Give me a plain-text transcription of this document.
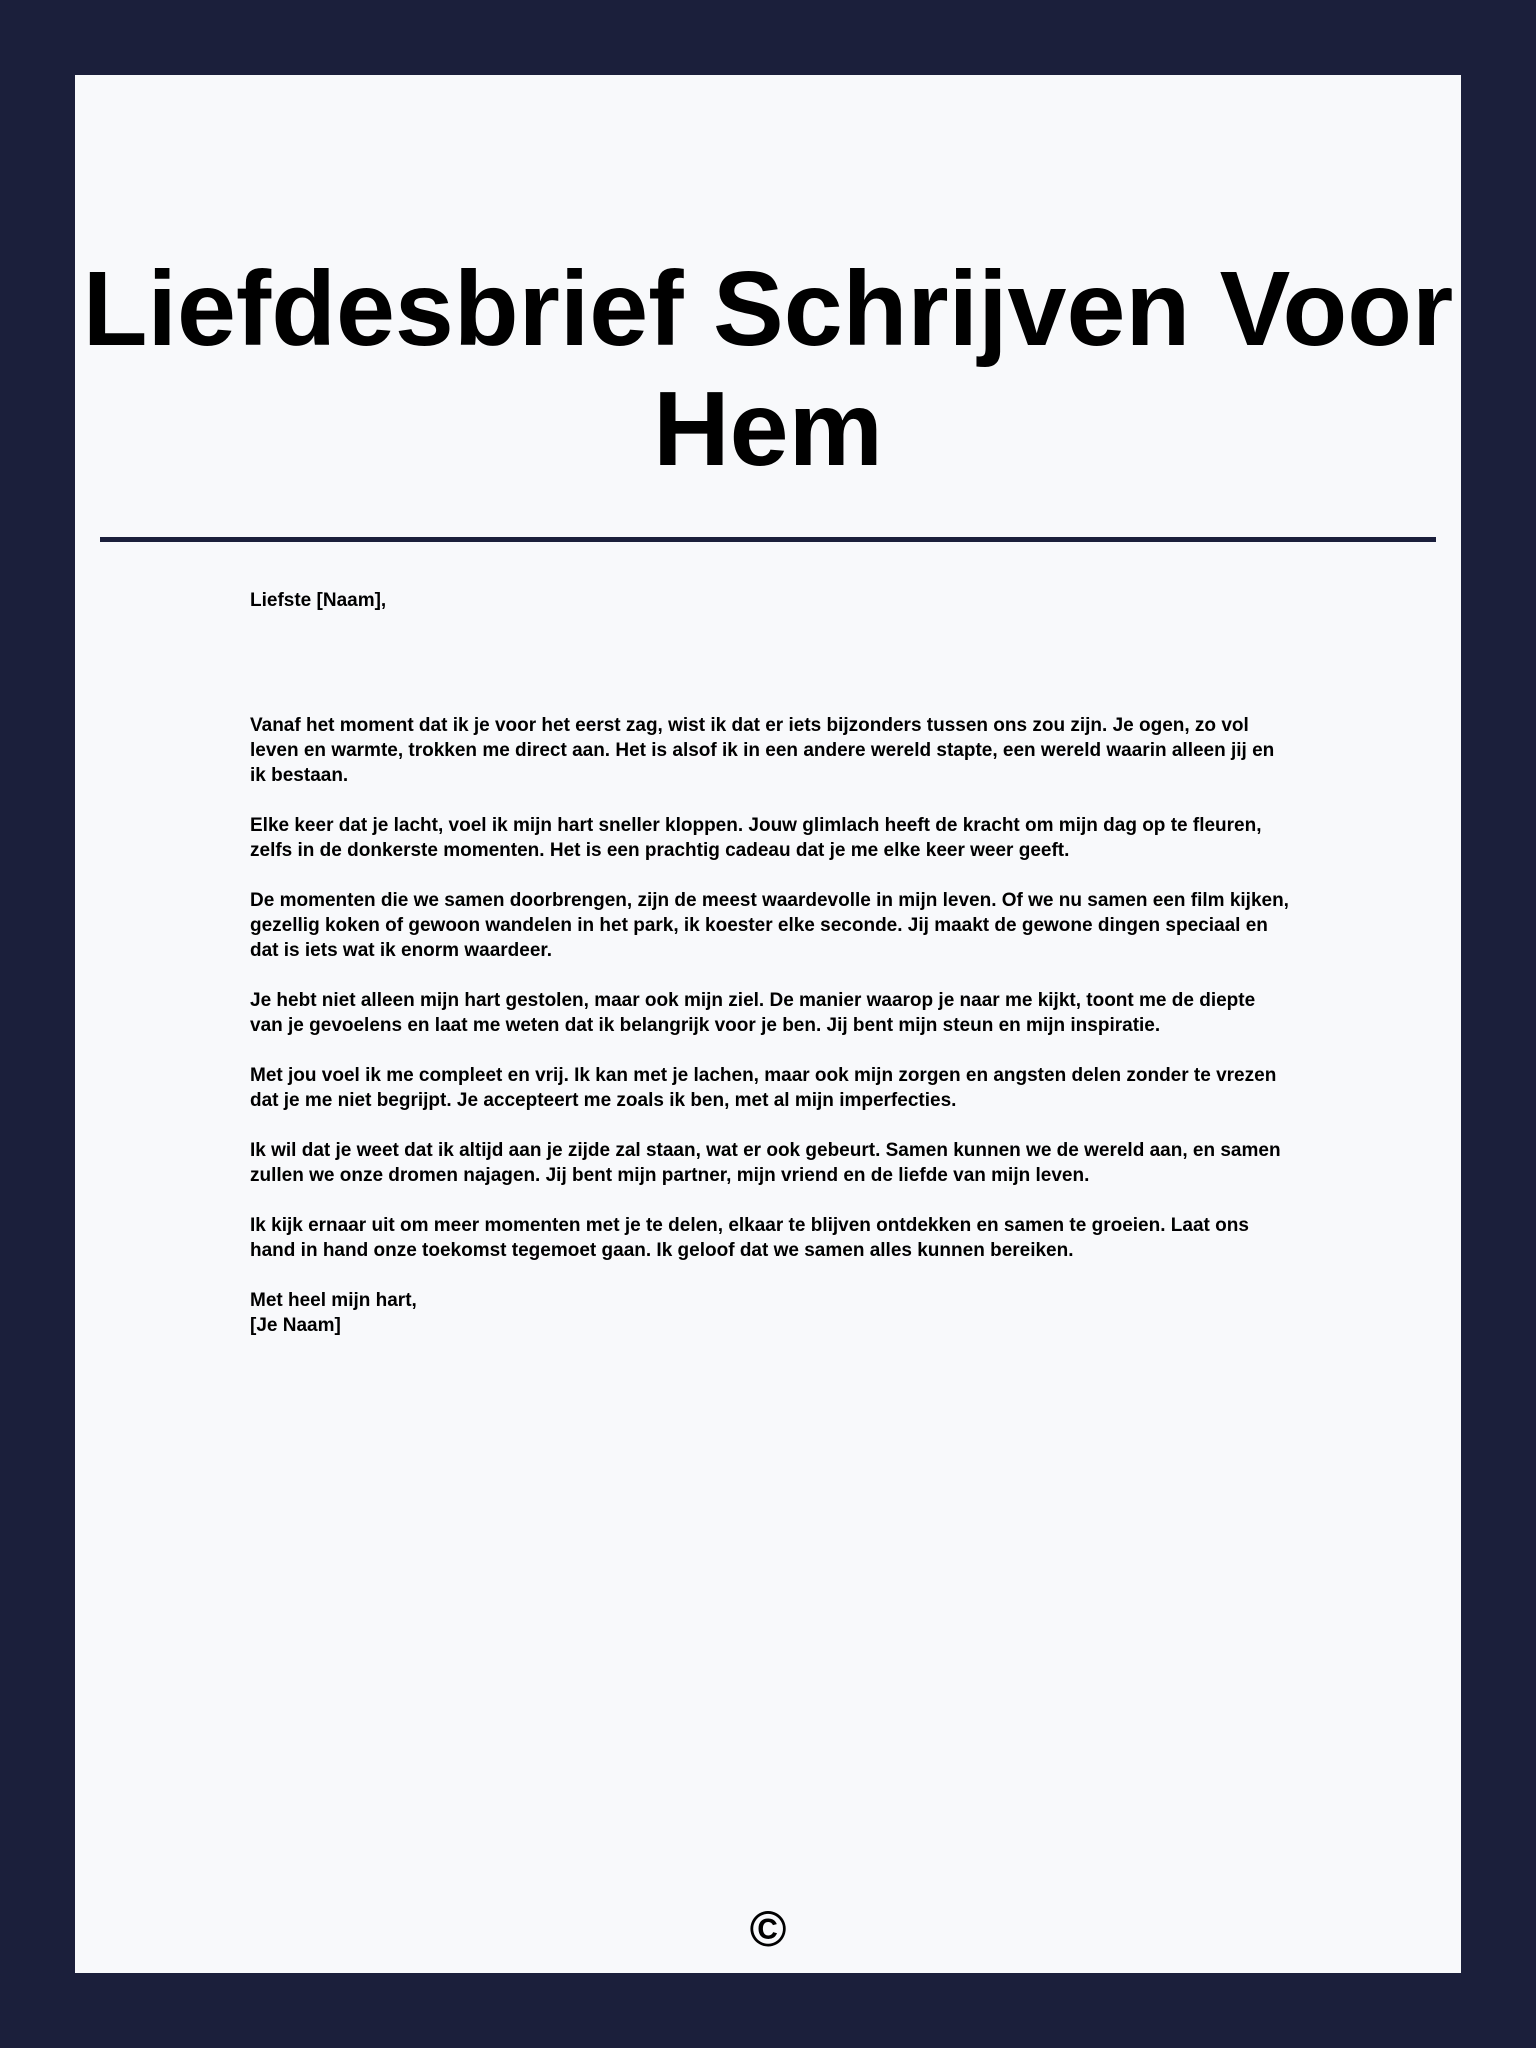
Liefdesbrief Schrijven Voor Hem

Liefste [Naam],

Vanaf het moment dat ik je voor het eerst zag, wist ik dat er iets bijzonders tussen ons zou zijn. Je ogen, zo vol leven en warmte, trokken me direct aan. Het is alsof ik in een andere wereld stapte, een wereld waarin alleen jij en ik bestaan.

Elke keer dat je lacht, voel ik mijn hart sneller kloppen. Jouw glimlach heeft de kracht om mijn dag op te fleuren, zelfs in de donkerste momenten. Het is een prachtig cadeau dat je me elke keer weer geeft.

De momenten die we samen doorbrengen, zijn de meest waardevolle in mijn leven. Of we nu samen een film kijken, gezellig koken of gewoon wandelen in het park, ik koester elke seconde. Jij maakt de gewone dingen speciaal en dat is iets wat ik enorm waardeer.

Je hebt niet alleen mijn hart gestolen, maar ook mijn ziel. De manier waarop je naar me kijkt, toont me de diepte van je gevoelens en laat me weten dat ik belangrijk voor je ben. Jij bent mijn steun en mijn inspiratie.

Met jou voel ik me compleet en vrij. Ik kan met je lachen, maar ook mijn zorgen en angsten delen zonder te vrezen dat je me niet begrijpt. Je accepteert me zoals ik ben, met al mijn imperfecties.

Ik wil dat je weet dat ik altijd aan je zijde zal staan, wat er ook gebeurt. Samen kunnen we de wereld aan, en samen zullen we onze dromen najagen. Jij bent mijn partner, mijn vriend en de liefde van mijn leven.

Ik kijk ernaar uit om meer momenten met je te delen, elkaar te blijven ontdekken en samen te groeien. Laat ons hand in hand onze toekomst tegemoet gaan. Ik geloof dat we samen alles kunnen bereiken.

Met heel mijn hart,

[Je Naam]

©
